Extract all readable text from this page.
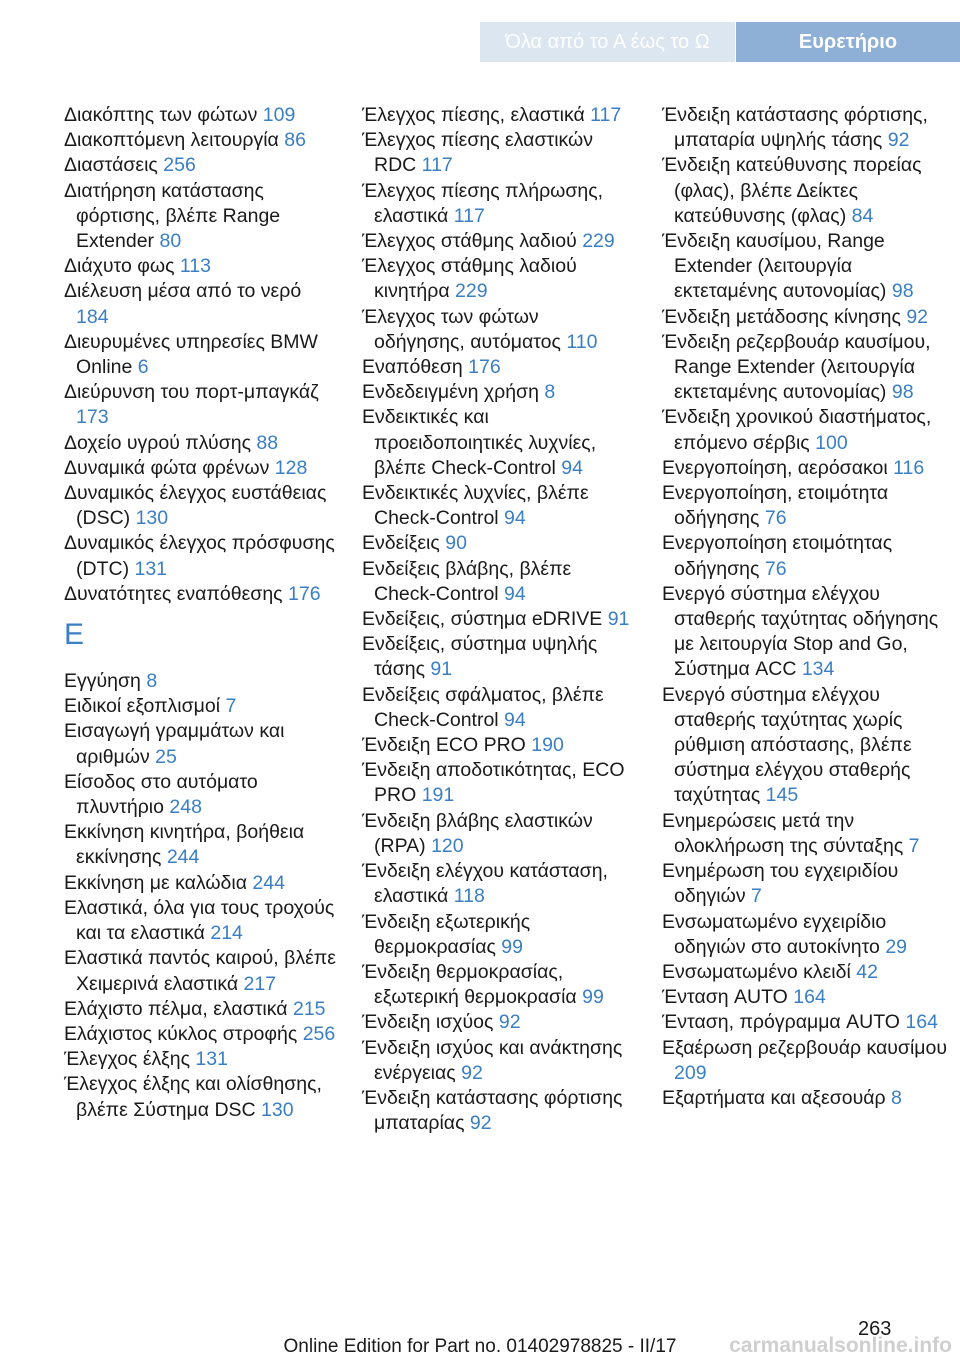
Όλα από το Α έως το Ω	Ευρετήριο
Διακόπτης των φώτων 109
Διακοπτόμενη λειτουργία 86
Διαστάσεις 256
Διατήρηση κατάστασης φόρτισης, βλέπε Range Extender 80
Διάχυτο φως 113
Διέλευση μέσα από το νερό 184
Διευρυμένες υπηρεσίες BMW Online 6
Διεύρυνση του πορτ-μπαγκάζ 173
Δοχείο υγρού πλύσης 88
Δυναμικά φώτα φρένων 128
Δυναμικός έλεγχος ευστάθειας (DSC) 130
Δυναμικός έλεγχος πρόσφυσης (DTC) 131
Δυνατότητες εναπόθεσης 176
E
Εγγύηση 8
Ειδικοί εξοπλισμοί 7
Εισαγωγή γραμμάτων και αριθμών 25
Είσοδος στο αυτόματο πλυντήριο 248
Εκκίνηση κινητήρα, βοήθεια εκκίνησης 244
Εκκίνηση με καλώδια 244
Ελαστικά, όλα για τους τροχούς και τα ελαστικά 214
Ελαστικά παντός καιρού, βλέπε Χειμερινά ελαστικά 217
Ελάχιστο πέλμα, ελαστικά 215
Ελάχιστος κύκλος στροφής 256
Έλεγχος έλξης 131
Έλεγχος έλξης και ολίσθησης, βλέπε Σύστημα DSC 130
Έλεγχος πίεσης, ελαστικά 117
Έλεγχος πίεσης ελαστικών RDC 117
Έλεγχος πίεσης πλήρωσης, ελαστικά 117
Έλεγχος στάθμης λαδιού 229
Έλεγχος στάθμης λαδιού κινητήρα 229
Έλεγχος των φώτων οδήγησης, αυτόματος 110
Εναπόθεση 176
Ενδεδειγμένη χρήση 8
Ενδεικτικές και προειδοποιητικές λυχνίες, βλέπε Check-Control 94
Ενδεικτικές λυχνίες, βλέπε Check-Control 94
Ενδείξεις 90
Ενδείξεις βλάβης, βλέπε Check-Control 94
Ενδείξεις, σύστημα eDRIVE 91
Ενδείξεις, σύστημα υψηλής τάσης 91
Ενδείξεις σφάλματος, βλέπε Check-Control 94
Ένδειξη ECO PRO 190
Ένδειξη αποδοτικότητας, ECO PRO 191
Ένδειξη βλάβης ελαστικών (RPA) 120
Ένδειξη ελέγχου κατάσταση, ελαστικά 118
Ένδειξη εξωτερικής θερμοκρασίας 99
Ένδειξη θερμοκρασίας, εξωτερική θερμοκρασία 99
Ένδειξη ισχύος 92
Ένδειξη ισχύος και ανάκτησης ενέργειας 92
Ένδειξη κατάστασης φόρτισης μπαταρίας 92
Ένδειξη κατάστασης φόρτισης, μπαταρία υψηλής τάσης 92
Ένδειξη κατεύθυνσης πορείας (φλας), βλέπε Δείκτες κατεύθυνσης (φλας) 84
Ένδειξη καυσίμου, Range Extender (λειτουργία εκτεταμένης αυτονομίας) 98
Ένδειξη μετάδοσης κίνησης 92
Ένδειξη ρεζερβουάρ καυσίμου, Range Extender (λειτουργία εκτεταμένης αυτονομίας) 98
Ένδειξη χρονικού διαστήματος, επόμενο σέρβις 100
Ενεργοποίηση, αερόσακοι 116
Ενεργοποίηση, ετοιμότητα οδήγησης 76
Ενεργοποίηση ετοιμότητας οδήγησης 76
Ενεργό σύστημα ελέγχου σταθερής ταχύτητας οδήγησης με λειτουργία Stop and Go, Σύστημα ACC 134
Ενεργό σύστημα ελέγχου σταθερής ταχύτητας χωρίς ρύθμιση απόστασης, βλέπε σύστημα ελέγχου σταθερής ταχύτητας 145
Ενημερώσεις μετά την ολοκλήρωση της σύνταξης 7
Ενημέρωση του εγχειριδίου οδηγιών 7
Ενσωματωμένο εγχειρίδιο οδηγιών στο αυτοκίνητο 29
Ενσωματωμένο κλειδί 42
Ένταση AUTO 164
Ένταση, πρόγραμμα AUTO 164
Εξαέρωση ρεζερβουάρ καυσίμου 209
Εξαρτήματα και αξεσουάρ 8
263
Online Edition for Part no. 01402978825 - II/17	carmanualsonline.info
